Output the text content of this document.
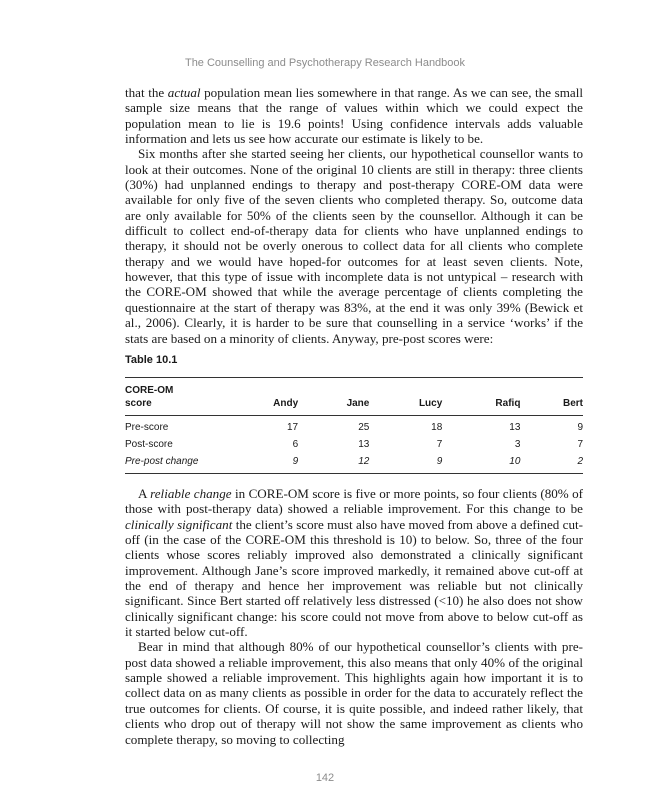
The Counselling and Psychotherapy Research Handbook

that the actual population mean lies somewhere in that range. As we can see, the small sample size means that the range of values within which we could expect the population mean to lie is 19.6 points! Using confidence intervals adds valuable information and lets us see how accurate our estimate is likely to be.

Six months after she started seeing her clients, our hypothetical counsellor wants to look at their outcomes. None of the original 10 clients are still in therapy: three clients (30%) had unplanned endings to therapy and post-therapy CORE-OM data were available for only five of the seven clients who completed therapy. So, outcome data are only available for 50% of the clients seen by the counsellor. Although it can be difficult to collect end-of-therapy data for clients who have unplanned endings to therapy, it should not be overly onerous to collect data for all clients who complete therapy and we would have hoped-for outcomes for at least seven clients. Note, however, that this type of issue with incomplete data is not untypical – research with the CORE-OM showed that while the average percentage of clients completing the questionnaire at the start of therapy was 83%, at the end it was only 39% (Bewick et al., 2006). Clearly, it is harder to be sure that counselling in a service ‘works’ if the stats are based on a minority of clients. Anyway, pre-post scores were:

Table 10.1
CORE-OM
score	Andy	Jane	Lucy	Rafiq	Bert
Pre-score	17	25	18	13	9
Post-score	6	13	7	3	7
Pre-post change	9	12	9	10	2

A reliable change in CORE-OM score is five or more points, so four clients (80% of those with post-therapy data) showed a reliable improvement. For this change to be clinically significant the client’s score must also have moved from above a defined cut-off (in the case of the CORE-OM this threshold is 10) to below. So, three of the four clients whose scores reliably improved also demonstrated a clinically significant improvement. Although Jane’s score improved markedly, it remained above cut-off at the end of therapy and hence her improvement was reliable but not clinically significant. Since Bert started off relatively less distressed (<10) he also does not show clinically significant change: his score could not move from above to below cut-off as it started below cut-off.

Bear in mind that although 80% of our hypothetical counsellor’s clients with pre-post data showed a reliable improvement, this also means that only 40% of the original sample showed a reliable improvement. This highlights again how important it is to collect data on as many clients as possible in order for the data to accurately reflect the true outcomes for clients. Of course, it is quite possible, and indeed rather likely, that clients who drop out of therapy will not show the same improvement as clients who complete therapy, so moving to collecting

142
